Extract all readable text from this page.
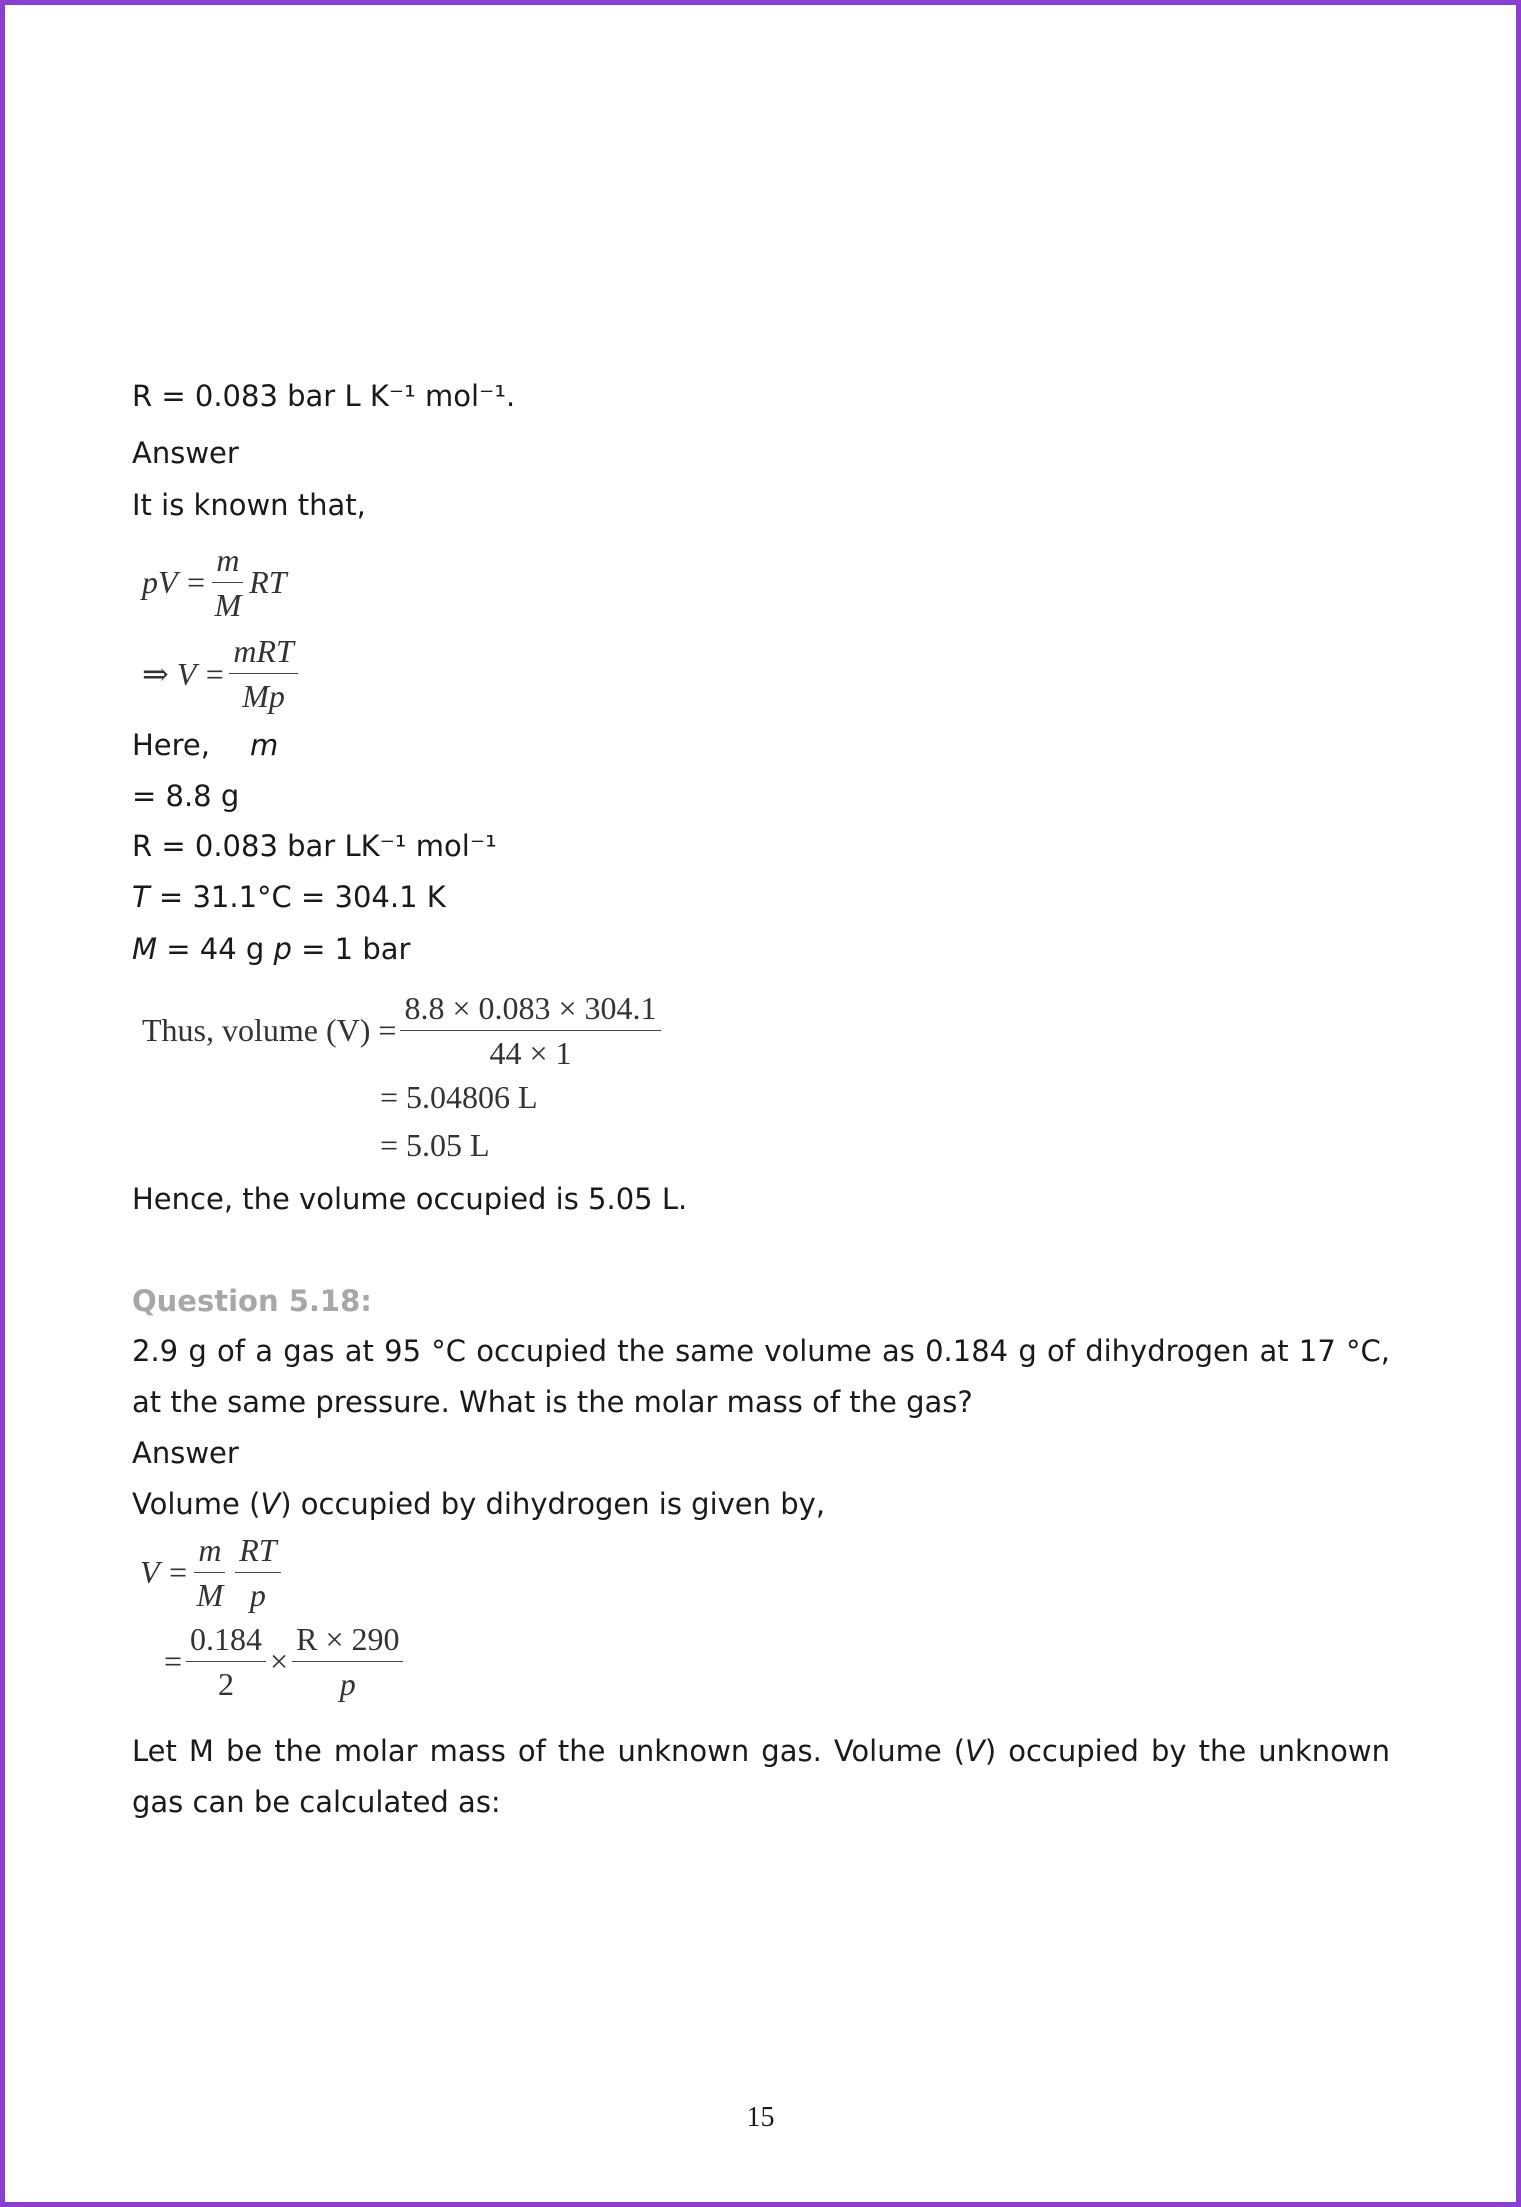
R = 0.083 bar L K⁻¹ mol⁻¹.
Answer
It is known that,
pV = $\frac{m}{M}$ RT
⇒ $V = \frac{\text{mRT}}{Mp}$
Here, m
= 8.8 g
R = 0.083 bar LK⁻¹ mol⁻¹
T = 31.1°C = 304.1 K
M = 44 g p = 1 bar
Thus, volume $(V) = \frac{8.8 \times 0.083 \times 304.1}{44 \times 1}$
= 5.04806 L
= 5.05 L
Hence, the volume occupied is 5.05 L.
Question 5.18:
2.9 g of a gas at 95 °C occupied the same volume as 0.184 g of dihydrogen at 17 °C, at the same pressure. What is the molar mass of the gas?
Answer
Volume (V) occupied by dihydrogen is given by,
$V = \frac{m}{M} \frac{RT}{p}$
= $\frac{0.184}{2} \times \frac{R \times 290}{p}$
Let M be the molar mass of the unknown gas. Volume (V) occupied by the unknown gas can be calculated as:
15
